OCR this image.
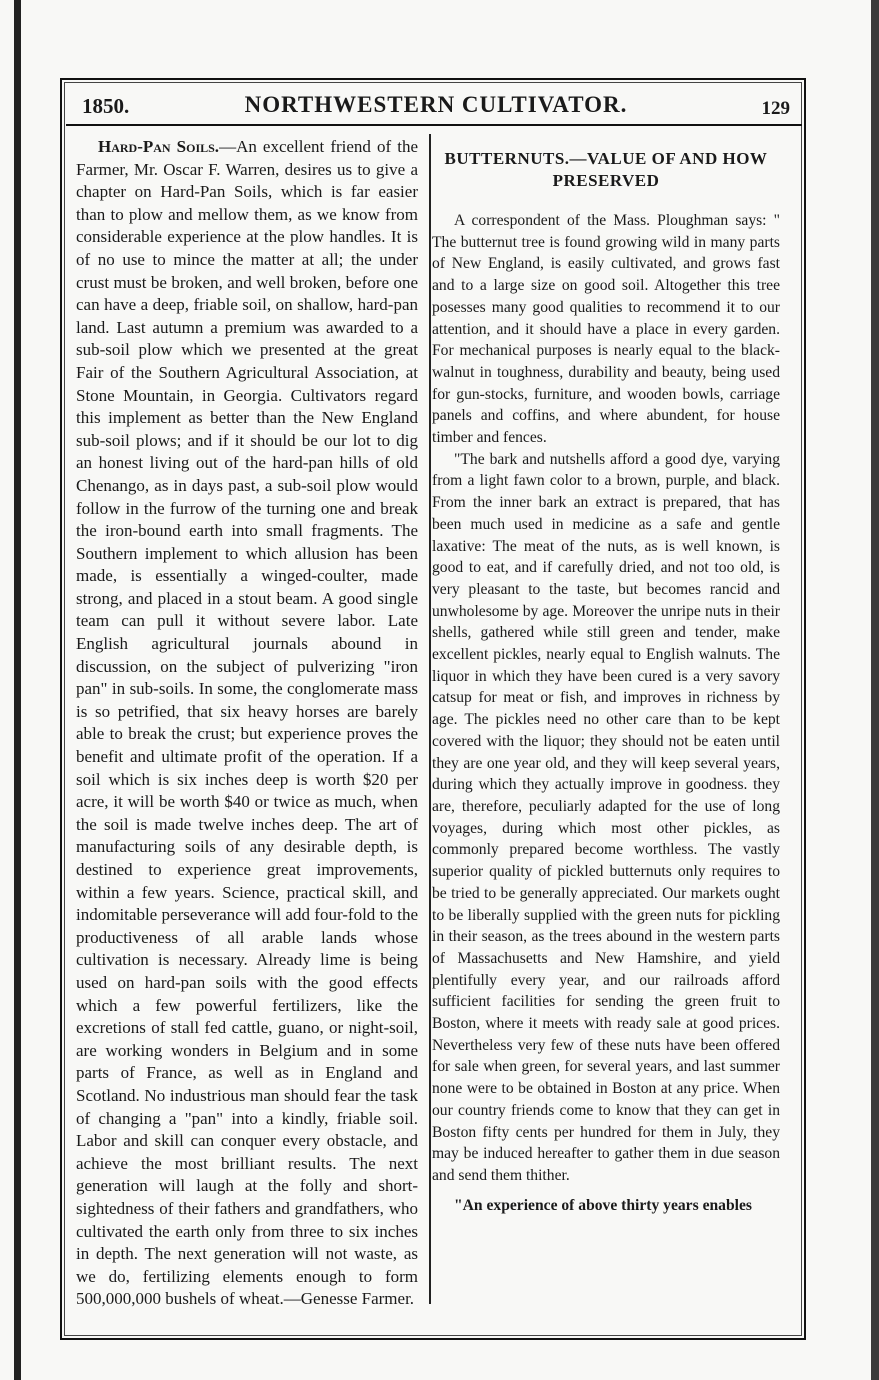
1850.	NORTHWESTERN CULTIVATOR.	129

Hard-Pan Soils.—An excellent friend of the Farmer, Mr. Oscar F. Warren, desires us to give a chapter on Hard-Pan Soils, which is far easier than to plow and mellow them, as we know from considerable experience at the plow handles. It is of no use to mince the matter at all; the under crust must be broken, and well broken, before one can have a deep, friable soil, on shallow, hard-pan land. Last autumn a premium was awarded to a sub-soil plow which we presented at the great Fair of the Southern Agricultural Association, at Stone Mountain, in Georgia. Cultivators regard this implement as better than the New England sub-soil plows; and if it should be our lot to dig an honest living out of the hard-pan hills of old Chenango, as in days past, a sub-soil plow would follow in the furrow of the turning one and break the iron-bound earth into small fragments. The Southern implement to which allusion has been made, is essentially a winged-coulter, made strong, and placed in a stout beam. A good single team can pull it without severe labor. Late English agricultural journals abound in discussion, on the subject of pulverizing "iron pan" in sub-soils. In some, the conglomerate mass is so petrified, that six heavy horses are barely able to break the crust; but experience proves the benefit and ultimate profit of the operation. If a soil which is six inches deep is worth $20 per acre, it will be worth $40 or twice as much, when the soil is made twelve inches deep. The art of manufacturing soils of any desirable depth, is destined to experience great improvements, within a few years. Science, practical skill, and indomitable perseverance will add four-fold to the productiveness of all arable lands whose cultivation is necessary. Already lime is being used on hard-pan soils with the good effects which a few powerful fertilizers, like the excretions of stall fed cattle, guano, or night-soil, are working wonders in Belgium and in some parts of France, as well as in England and Scotland. No industrious man should fear the task of changing a "pan" into a kindly, friable soil. Labor and skill can conquer every obstacle, and achieve the most brilliant results. The next generation will laugh at the folly and short-sightedness of their fathers and grandfathers, who cultivated the earth only from three to six inches in depth. The next generation will not waste, as we do, fertilizing elements enough to form 500,000,000 bushels of wheat.—Genesse Farmer.

BUTTERNUTS.—VALUE OF AND HOW PRESERVED

A correspondent of the Mass. Ploughman says: " The butternut tree is found growing wild in many parts of New England, is easily cultivated, and grows fast and to a large size on good soil. Altogether this tree posesses many good qualities to recommend it to our attention, and it should have a place in every garden. For mechanical purposes is nearly equal to the black-walnut in toughness, durability and beauty, being used for gun-stocks, furniture, and wooden bowls, carriage panels and coffins, and where abundent, for house timber and fences.

"The bark and nutshells afford a good dye, varying from a light fawn color to a brown, purple, and black. From the inner bark an extract is prepared, that has been much used in medicine as a safe and gentle laxative: The meat of the nuts, as is well known, is good to eat, and if carefully dried, and not too old, is very pleasant to the taste, but becomes rancid and unwholesome by age. Moreover the unripe nuts in their shells, gathered while still green and tender, make excellent pickles, nearly equal to English walnuts. The liquor in which they have been cured is a very savory catsup for meat or fish, and improves in richness by age. The pickles need no other care than to be kept covered with the liquor; they should not be eaten until they are one year old, and they will keep several years, during which they actually improve in goodness. they are, therefore, peculiarly adapted for the use of long voyages, during which most other pickles, as commonly prepared become worthless. The vastly superior quality of pickled butternuts only requires to be tried to be generally appreciated. Our markets ought to be liberally supplied with the green nuts for pickling in their season, as the trees abound in the western parts of Massachusetts and New Hamshire, and yield plentifully every year, and our railroads afford sufficient facilities for sending the green fruit to Boston, where it meets with ready sale at good prices. Nevertheless very few of these nuts have been offered for sale when green, for several years, and last summer none were to be obtained in Boston at any price. When our country friends come to know that they can get in Boston fifty cents per hundred for them in July, they may be induced hereafter to gather them in due season and send them thither.

"An experience of above thirty years enables
